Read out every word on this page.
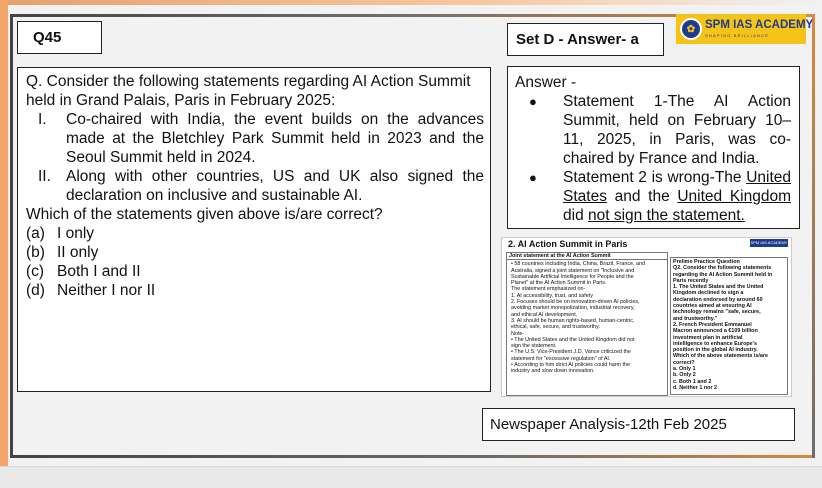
Q45	Set D - Answer- a
✿ SPM IAS ACADEMY
SHAPING BRILLIANCE
Q. Consider the following statements regarding AI Action Summit held in Grand Palais, Paris in February 2025:
I.	Co-chaired with India, the event builds on the advances made at the Bletchley Park Summit held in 2023 and the Seoul Summit held in 2024.
II. Along with other countries, US and UK also signed the declaration on inclusive and sustainable AI.
Which of the statements given above is/are correct?
(a) I only
(b) II only
(c) Both I and II
(d) Neither I nor II
Answer -
●	Statement 1-The AI Action Summit, held on February 10–11, 2025, in Paris, was co-chaired by France and India.
●	Statement 2 is wrong-The United States and the United Kingdom did not sign the statement.
2. AI Action Summit in Paris	SPM IAS ACADEMY
Joint statement at the AI Action Summit
• 58 countries including India, China, Brazil, France, and
Australia, signed a joint statement on "Inclusive and
Sustainable Artificial Intelligence for People and the
Planet" at the AI Action Summit in Paris.
The statement emphasized on-
1. AI accessibility, trust, and safety
2. Focuses should be on innovation-driven AI policies,
avoiding market monopolization, industrial recovery,
and ethical AI development.
3. AI should be human rights-based, human-centric,
ethical, safe, secure, and trustworthy.
Note-
• The United States and the United Kingdom did not
sign the statement.
• The U.S. Vice-President J.D. Vance criticized the
statement for "excessive regulation" of AI.
• According to him strict AI policies could harm the
industry and slow down innovation.
Prelims Practice Question
Q2. Consider the following statements
regarding the AI Action Summit held in
Paris recently
1. The United States and the United
Kingdom declined to sign a
declaration endorsed by around 60
countries aimed at ensuring AI
technology remains "safe, secure,
and trustworthy."
2. French President Emmanuel
Macron announced a €109 billion
investment plan in artificial
intelligence to enhance Europe's
position in the global AI industry.
Which of the above statements is/are
correct?
a. Only 1
b. Only 2
c. Both 1 and 2
d. Neither 1 nor 2
Newspaper Analysis-12th Feb 2025
